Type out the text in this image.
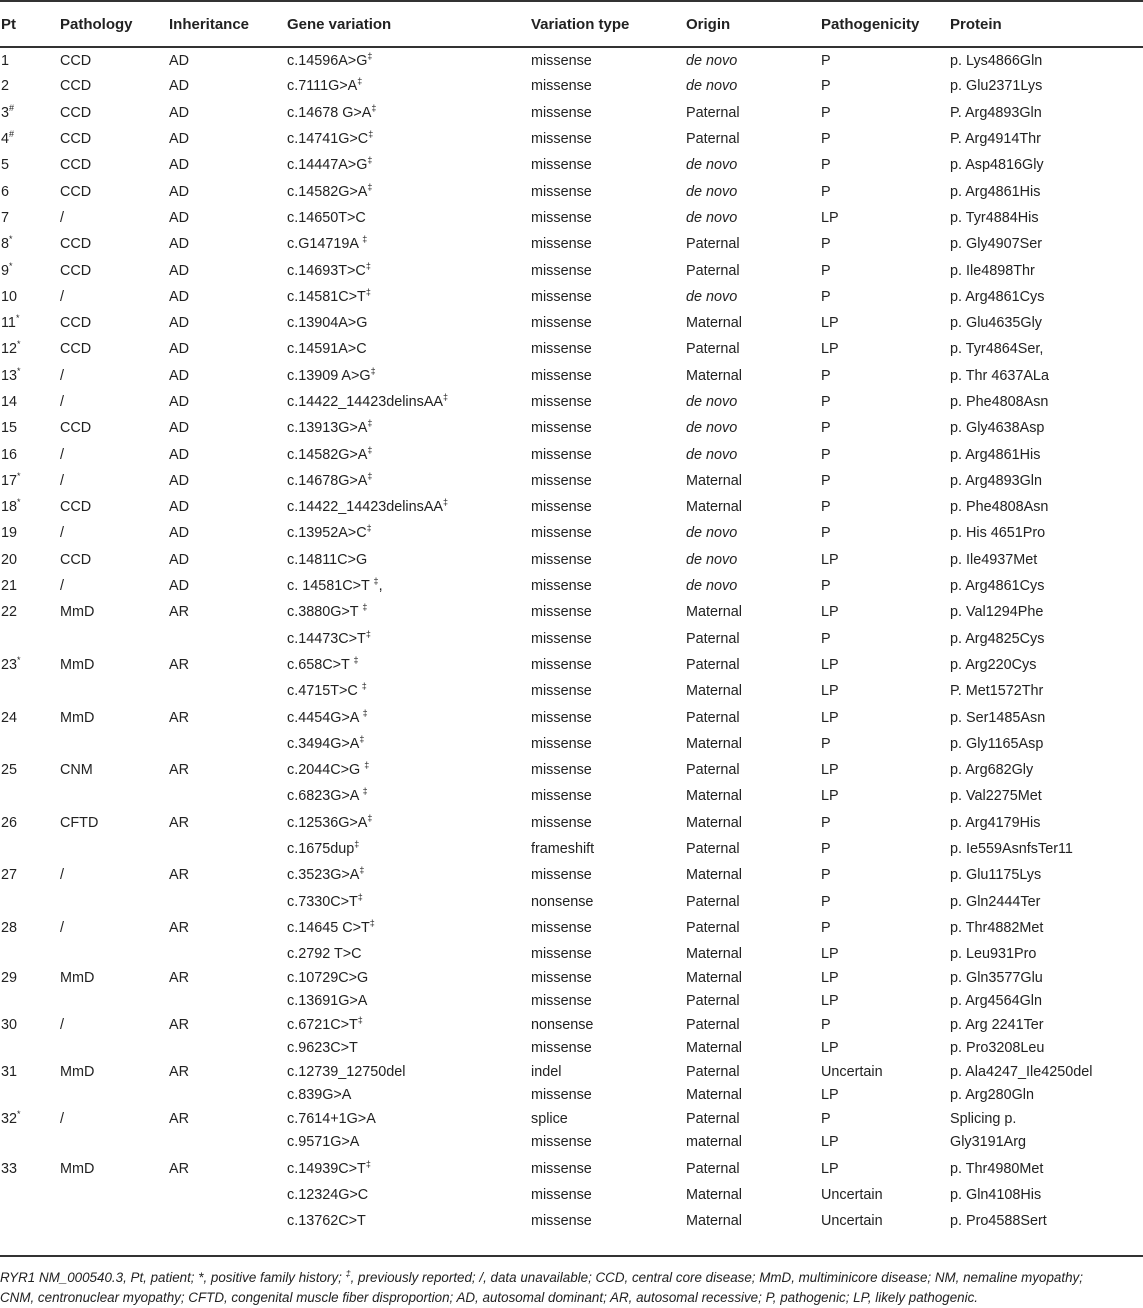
Pt	Pathology	Inheritance	Gene variation	Variation type	Origin	Pathogenicity	Protein
1	CCD	AD	c.14596A>G‡	missense	de novo	P	p. Lys4866Gln
2	CCD	AD	c.7111G>A‡	missense	de novo	P	p. Glu2371Lys
3#	CCD	AD	c.14678 G>A‡	missense	Paternal	P	P. Arg4893Gln
4#	CCD	AD	c.14741G>C‡	missense	Paternal	P	P. Arg4914Thr
5	CCD	AD	c.14447A>G‡	missense	de novo	P	p. Asp4816Gly
6	CCD	AD	c.14582G>A‡	missense	de novo	P	p. Arg4861His
7	/	AD	c.14650T>C	missense	de novo	LP	p. Tyr4884His
8*	CCD	AD	c.G14719A ‡	missense	Paternal	P	p. Gly4907Ser
9*	CCD	AD	c.14693T>C‡	missense	Paternal	P	p. Ile4898Thr
10	/	AD	c.14581C>T‡	missense	de novo	P	p. Arg4861Cys
11*	CCD	AD	c.13904A>G	missense	Maternal	LP	p. Glu4635Gly
12*	CCD	AD	c.14591A>C	missense	Paternal	LP	p. Tyr4864Ser,
13*	/	AD	c.13909 A>G‡	missense	Maternal	P	p. Thr 4637ALa
14	/	AD	c.14422_14423delinsAA‡	missense	de novo	P	p. Phe4808Asn
15	CCD	AD	c.13913G>A‡	missense	de novo	P	p. Gly4638Asp
16	/	AD	c.14582G>A‡	missense	de novo	P	p. Arg4861His
17*	/	AD	c.14678G>A‡	missense	Maternal	P	p. Arg4893Gln
18*	CCD	AD	c.14422_14423delinsAA‡	missense	Maternal	P	p. Phe4808Asn
19	/	AD	c.13952A>C‡	missense	de novo	P	p. His 4651Pro
20	CCD	AD	c.14811C>G	missense	de novo	LP	p. Ile4937Met
21	/	AD	c. 14581C>T ‡,	missense	de novo	P	p. Arg4861Cys
22	MmD	AR	c.3880G>T ‡	missense	Maternal	LP	p. Val1294Phe
			c.14473C>T‡	missense	Paternal	P	p. Arg4825Cys
23*	MmD	AR	c.658C>T ‡	missense	Paternal	LP	p. Arg220Cys
			c.4715T>C ‡	missense	Maternal	LP	P. Met1572Thr
24	MmD	AR	c.4454G>A ‡	missense	Paternal	LP	p. Ser1485Asn
			c.3494G>A‡	missense	Maternal	P	p. Gly1165Asp
25	CNM	AR	c.2044C>G ‡	missense	Paternal	LP	p. Arg682Gly
			c.6823G>A ‡	missense	Maternal	LP	p. Val2275Met
26	CFTD	AR	c.12536G>A‡	missense	Maternal	P	p. Arg4179His
			c.1675dup‡	frameshift	Paternal	P	p. Ie559AsnfsTer11
27	/	AR	c.3523G>A‡	missense	Maternal	P	p. Glu1175Lys
			c.7330C>T‡	nonsense	Paternal	P	p. Gln2444Ter
28	/	AR	c.14645 C>T‡	missense	Paternal	P	p. Thr4882Met
			c.2792 T>C	missense	Maternal	LP	p. Leu931Pro
29	MmD	AR	c.10729C>G	missense	Maternal	LP	p. Gln3577Glu
			c.13691G>A	missense	Paternal	LP	p. Arg4564Gln
30	/	AR	c.6721C>T‡	nonsense	Paternal	P	p. Arg 2241Ter
			c.9623C>T	missense	Maternal	LP	p. Pro3208Leu
31	MmD	AR	c.12739_12750del	indel	Paternal	Uncertain	p. Ala4247_Ile4250del
			c.839G>A	missense	Maternal	LP	p. Arg280Gln
32*	/	AR	c.7614+1G>A	splice	Paternal	P	Splicing p.
			c.9571G>A	missense	maternal	LP	Gly3191Arg
33	MmD	AR	c.14939C>T‡	missense	Paternal	LP	p. Thr4980Met
			c.12324G>C	missense	Maternal	Uncertain	p. Gln4108His
			c.13762C>T	missense	Maternal	Uncertain	p. Pro4588Sert
RYR1 NM_000540.3, Pt, patient; *, positive family history; ‡, previously reported; /, data unavailable; CCD, central core disease; MmD, multiminicore disease; NM, nemaline myopathy;
CNM, centronuclear myopathy; CFTD, congenital muscle fiber disproportion; AD, autosomal dominant; AR, autosomal recessive; P, pathogenic; LP, likely pathogenic.
